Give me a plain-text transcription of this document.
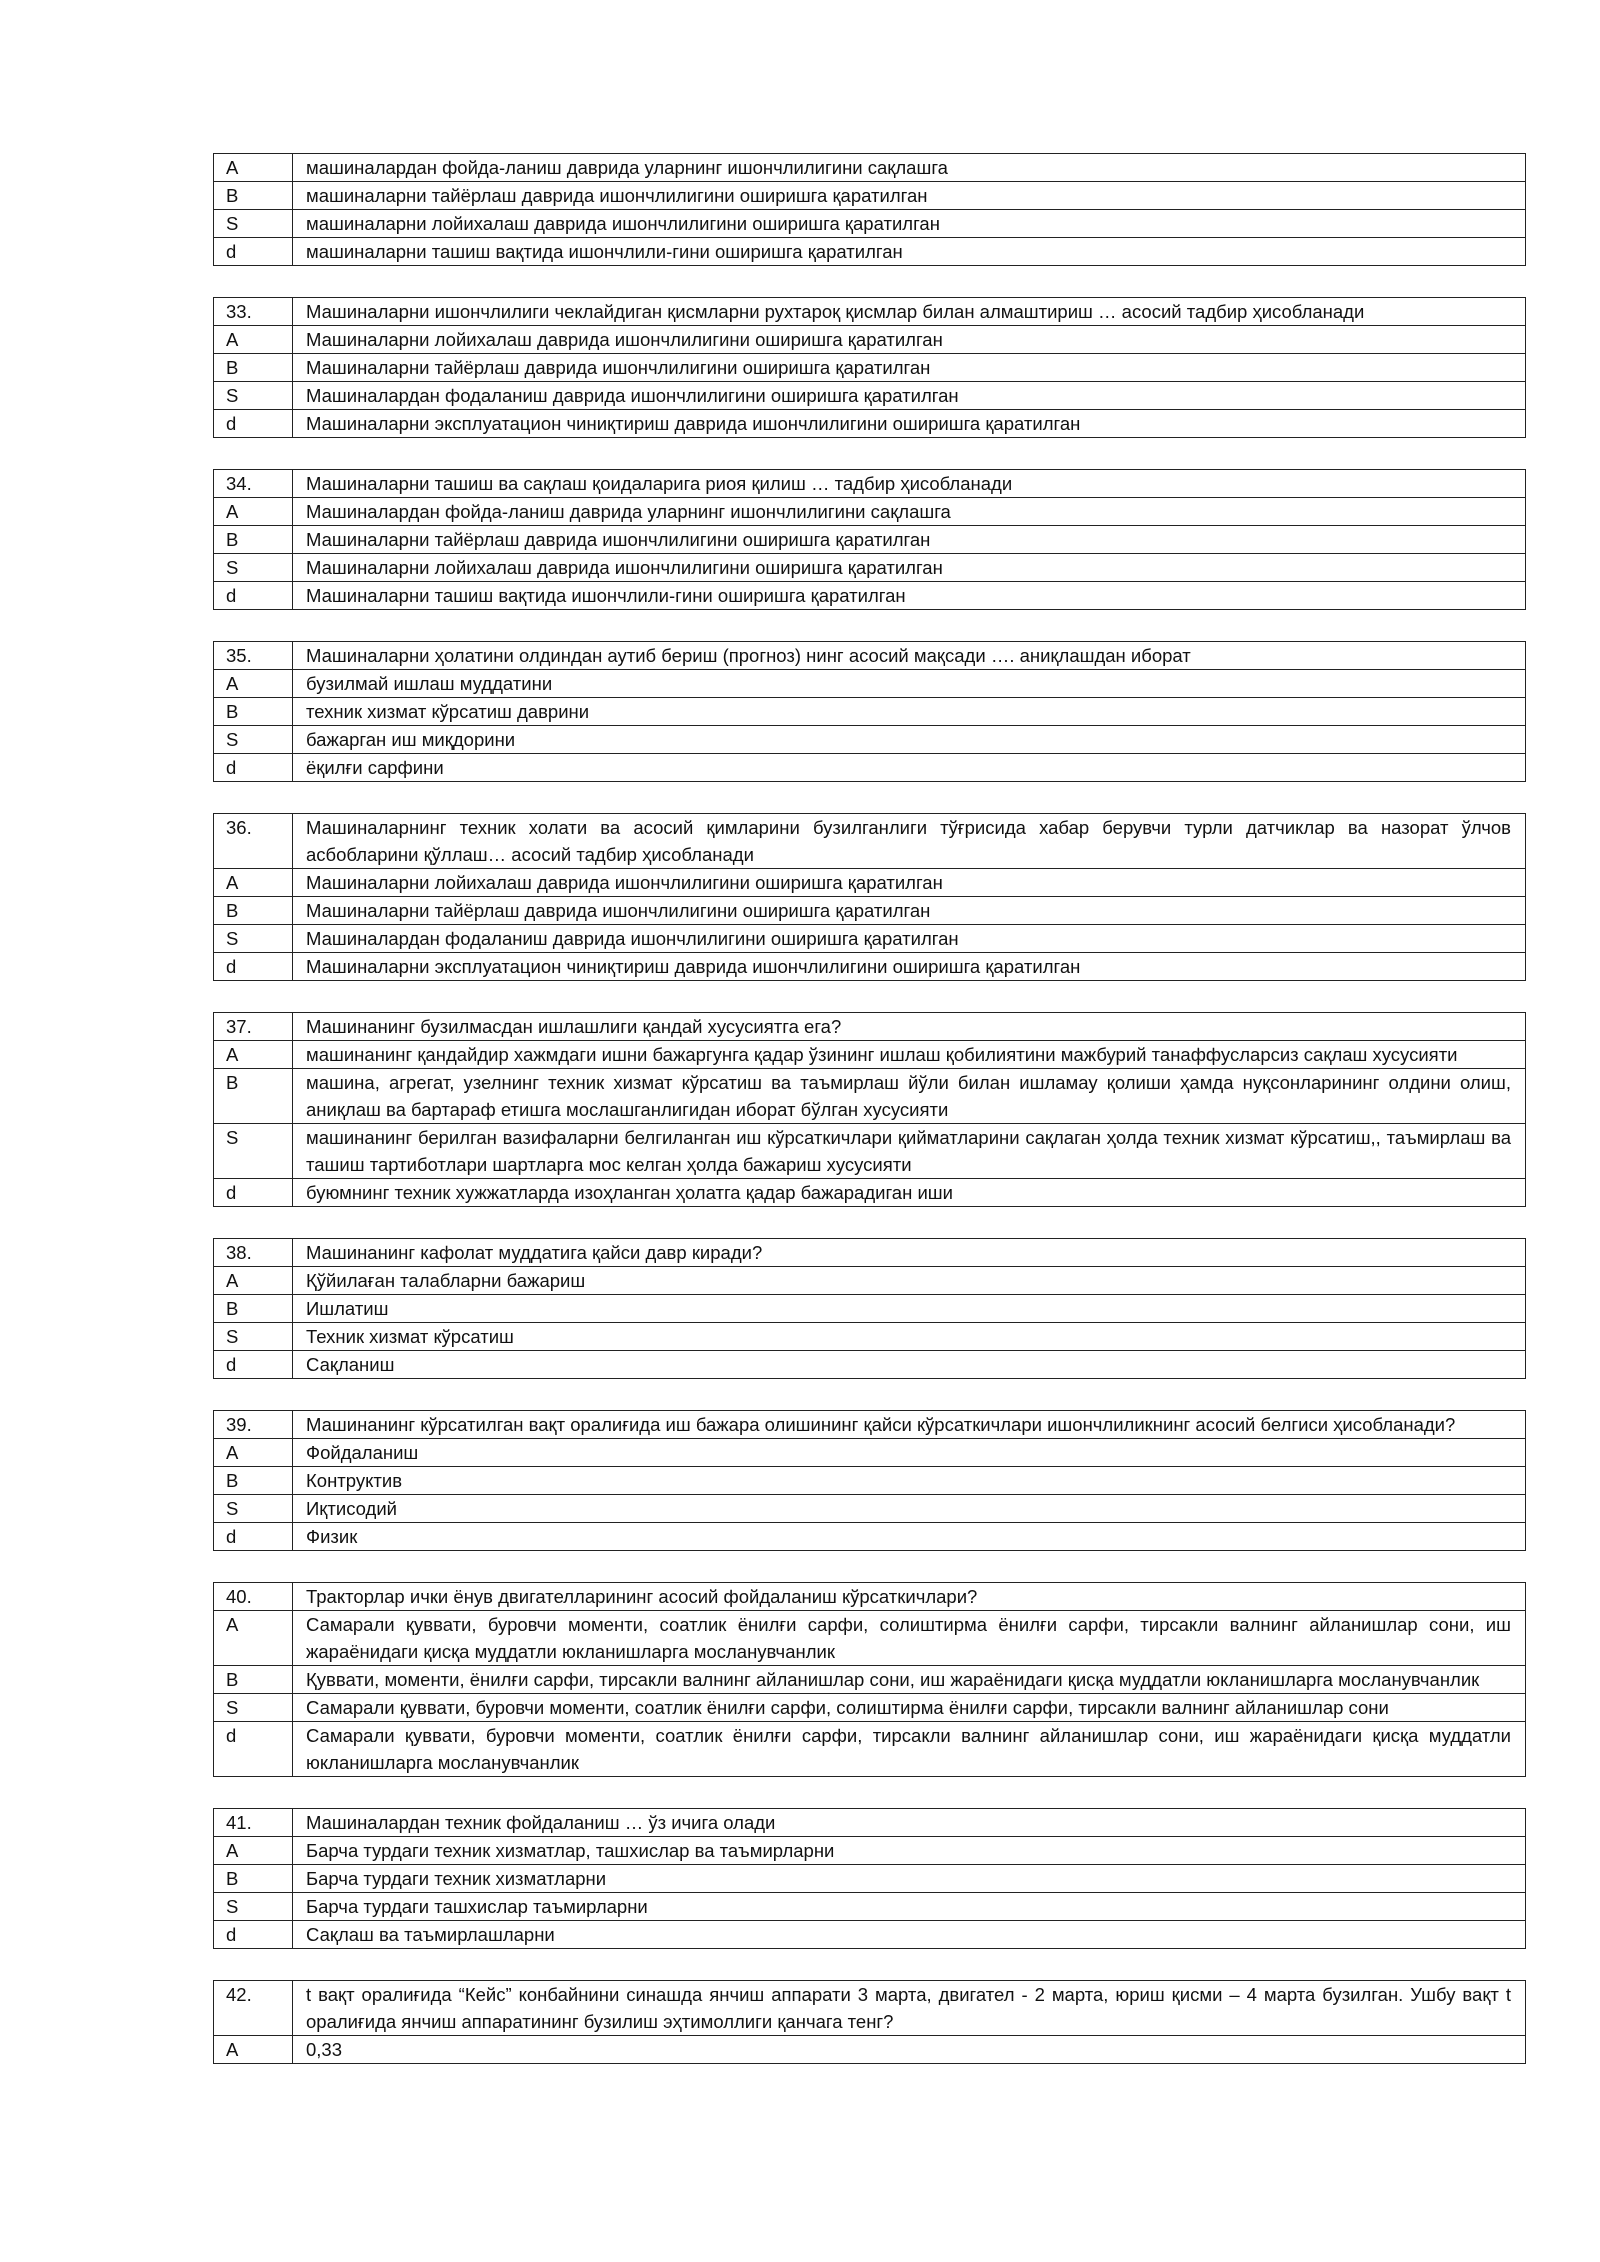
A	машиналардан фойда-ланиш даврида уларнинг ишончлилигини сақлашга
B	машиналарни тайёрлаш даврида ишончлилигини оширишга қаратилган
S	машиналарни лойихалаш даврида ишончлилигини оширишга қаратилган
d	машиналарни ташиш вақтида ишончлили-гини оширишга қаратилган
33.	Машиналарни ишончлилиги чеклайдиган қисмларни рухтароқ қисмлар билан алмаштириш … асосий тадбир ҳисобланади
A	Машиналарни лойихалаш даврида ишончлилигини оширишга қаратилган
B	Машиналарни тайёрлаш даврида ишончлилигини оширишга қаратилган
S	Машиналардан фодаланиш даврида ишончлилигини оширишга қаратилган
d	Машиналарни эксплуатацион чиниқтириш даврида ишончлилигини оширишга қаратилган
34.	Машиналарни ташиш ва сақлаш қоидаларига риоя қилиш … тадбир ҳисобланади
A	Машиналардан фойда-ланиш даврида уларнинг ишончлилигини сақлашга
B	Машиналарни тайёрлаш даврида ишончлилигини оширишга қаратилган
S	Машиналарни лойихалаш даврида ишончлилигини оширишга қаратилган
d	Машиналарни ташиш вақтида ишончлили-гини оширишга қаратилган
35.	Машиналарни ҳолатини олдиндан аутиб бериш (прогноз) нинг асосий мақсади …. аниқлашдан иборат
A	бузилмай ишлаш муддатини
B	техник хизмат кўрсатиш даврини
S	бажарган иш миқдорини
d	ёқилғи сарфини
36.	Машиналарнинг техник холати ва асосий қимларини бузилганлиги тўғрисида хабар берувчи турли датчиклар ва назорат ўлчов асбобларини қўллаш… асосий тадбир ҳисобланади
A	Машиналарни лойихалаш даврида ишончлилигини оширишга қаратилган
B	Машиналарни тайёрлаш даврида ишончлилигини оширишга қаратилган
S	Машиналардан фодаланиш даврида ишончлилигини оширишга қаратилган
d	Машиналарни эксплуатацион чиниқтириш даврида ишончлилигини оширишга қаратилган
37.	Машинанинг бузилмасдан ишлашлиги қандай хусусиятга ега?
A	машинанинг қандайдир хажмдаги ишни бажаргунга қадар ўзининг ишлаш қобилиятини мажбурий танаффусларсиз сақлаш хусусияти
B	машина, агрегат, узелнинг техник хизмат кўрсатиш ва таъмирлаш йўли билан ишламау қолиши ҳамда нуқсонларининг олдини олиш, аниқлаш ва бартараф етишга мослашганлигидан иборат бўлган хусусияти
S	машинанинг берилган вазифаларни белгиланган иш кўрсаткичлари қийматларини сақлаган ҳолда техник хизмат кўрсатиш,, таъмирлаш ва ташиш тартиботлари шартларга мос келган ҳолда бажариш хусусияти
d	буюмнинг техник хужжатларда изоҳланган ҳолатга қадар бажарадиган иши
38.	Машинанинг кафолат муддатига қайси давр киради?
A	Қўйилаған талабларни бажариш
B	Ишлатиш
S	Техник хизмат кўрсатиш
d	Сақланиш
39.	Машинанинг кўрсатилган вақт оралиғида иш бажара олишининг қайси кўрсаткичлари ишончлиликнинг асосий белгиси ҳисобланади?
A	Фойдаланиш
B	Контруктив
S	Иқтисодий
d	Физик
40.	Тракторлар ички ёнув двигателларининг асосий фойдаланиш кўрсаткичлари?
A	Самарали қуввати, буровчи моменти, соатлик ёнилғи сарфи, солиштирма ёнилғи сарфи, тирсакли валнинг айланишлар сони, иш жараёнидаги қисқа муддатли юкланишларга мосланувчанлик
B	Қуввати, моменти, ёнилғи сарфи, тирсакли валнинг айланишлар сони, иш жараёнидаги қисқа муддатли юкланишларга мосланувчанлик
S	Самарали қуввати, буровчи моменти, соатлик ёнилғи сарфи, солиштирма ёнилғи сарфи, тирсакли валнинг айланишлар сони
d	Самарали қуввати, буровчи моменти, соатлик ёнилғи сарфи, тирсакли валнинг айланишлар сони, иш жараёнидаги қисқа муддатли юкланишларга мосланувчанлик
41.	Машиналардан техник фойдаланиш … ўз ичига олади
A	Барча турдаги техник хизматлар, ташхислар ва таъмирларни
B	Барча турдаги техник хизматларни
S	Барча турдаги ташхислар таъмирларни
d	Сақлаш ва таъмирлашларни
42.	t вақт оралиғида “Кейс” конбайнини синашда янчиш аппарати 3 марта, двигател - 2 марта, юриш қисми – 4 марта бузилган. Ушбу вақт t оралиғида янчиш аппаратининг бузилиш эҳтимоллиги қанчага тенг?
A	0,33
